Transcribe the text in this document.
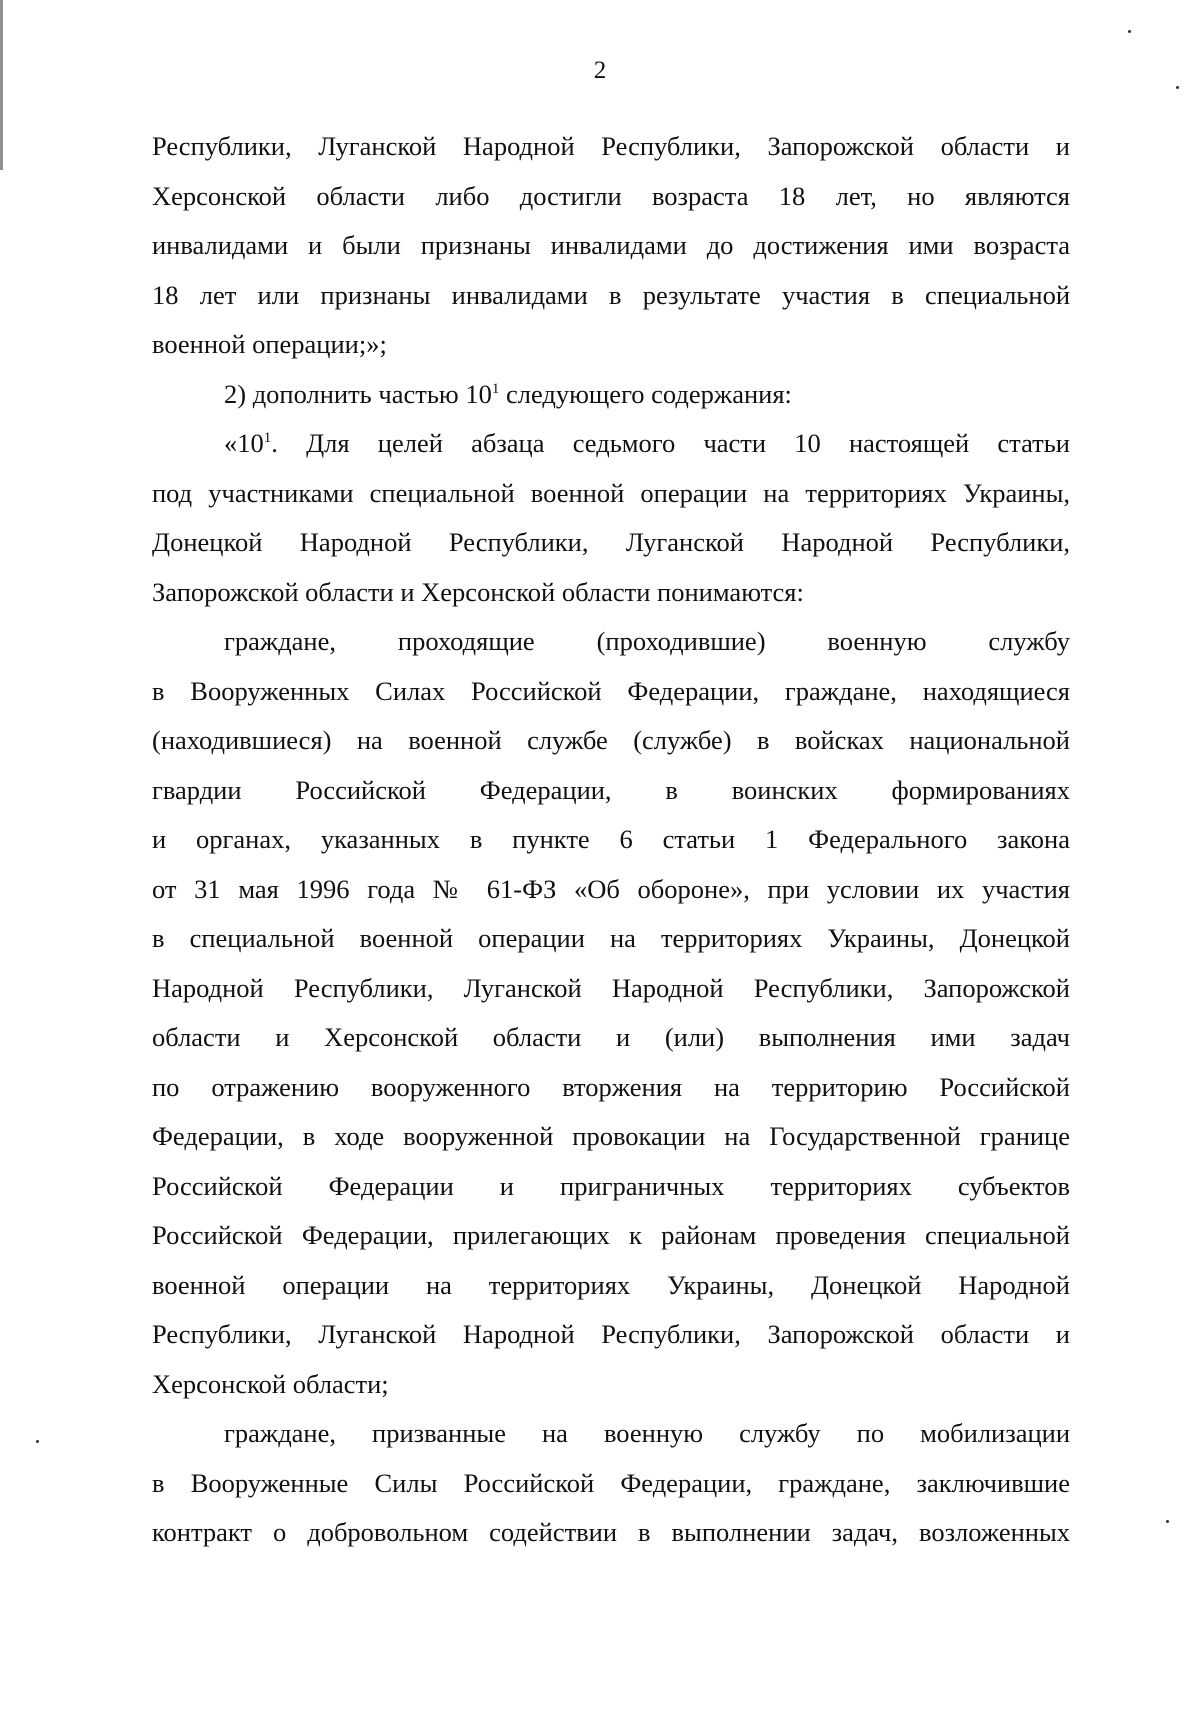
2
Республики, Луганской Народной Республики, Запорожской области и
Херсонской области либо достигли возраста 18 лет, но являются
инвалидами и были признаны инвалидами до достижения ими возраста
18 лет или признаны инвалидами в результате участия в специальной
военной операции;»;
2) дополнить частью $10^1$ следующего содержания:
«$10^1$. Для целей абзаца седьмого части 10 настоящей статьи
под участниками специальной военной операции на территориях Украины,
Донецкой Народной Республики, Луганской Народной Республики,
Запорожской области и Херсонской области понимаются:
граждане, проходящие (проходившие) военную службу
в Вооруженных Силах Российской Федерации, граждане, находящиеся
(находившиеся) на военной службе (службе) в войсках национальной
гвардии Российской Федерации, в воинских формированиях
и органах, указанных в пункте 6 статьи 1 Федерального закона
от 31 мая 1996 года № 61-ФЗ «Об обороне», при условии их участия
в специальной военной операции на территориях Украины, Донецкой
Народной Республики, Луганской Народной Республики, Запорожской
области и Херсонской области и (или) выполнения ими задач
по отражению вооруженного вторжения на территорию Российской
Федерации, в ходе вооруженной провокации на Государственной границе
Российской Федерации и приграничных территориях субъектов
Российской Федерации, прилегающих к районам проведения специальной
военной операции на территориях Украины, Донецкой Народной
Республики, Луганской Народной Республики, Запорожской области и
Херсонской области;
граждане, призванные на военную службу по мобилизации
в Вооруженные Силы Российской Федерации, граждане, заключившие
контракт о добровольном содействии в выполнении задач, возложенных
